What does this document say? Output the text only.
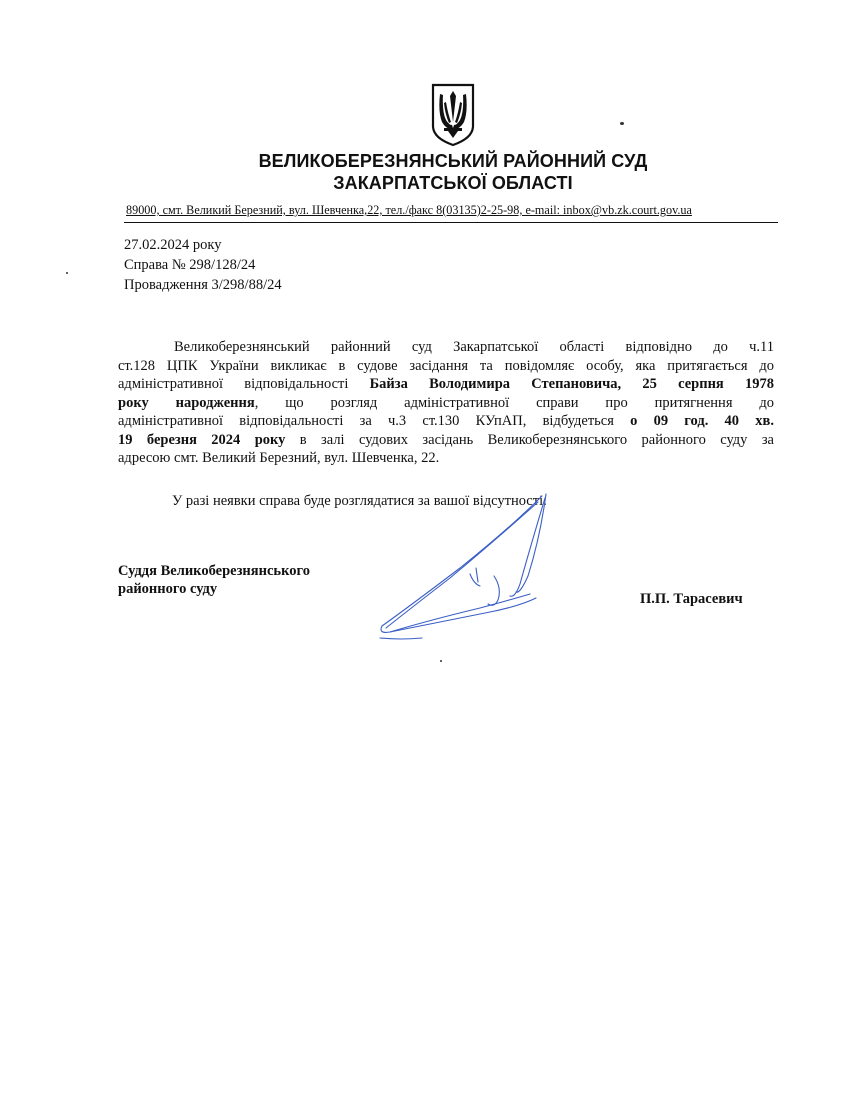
ВЕЛИКОБЕРЕЗНЯНСЬКИЙ РАЙОННИЙ СУД
ЗАКАРПАТСЬКОЇ ОБЛАСТІ
89000, смт. Великий Березний, вул. Шевченка,22, тел./факс 8(03135)2-25-98, e-mail: inbox@vb.zk.court.gov.ua
27.02.2024 року
Справа № 298/128/24
Провадження 3/298/88/24
Великоберезнянський районний суд Закарпатської області відповідно до ч.11
ст.128 ЦПК України викликає в судове засідання та повідомляє особу, яка притягається до
адміністративної відповідальності Байза Володимира Степановича, 25 серпня 1978
року народження, що розгляд адміністративної справи про притягнення до
адміністративної відповідальності за ч.3 ст.130 КУпАП, відбудеться о 09 год. 40 хв.
19 березня 2024 року в залі судових засідань Великоберезнянського районного суду за
адресою смт. Великий Березний, вул. Шевченка, 22.
У разі неявки справа буде розглядатися за вашої відсутності.
Суддя Великоберезнянського
районного суду
П.П. Тарасевич
